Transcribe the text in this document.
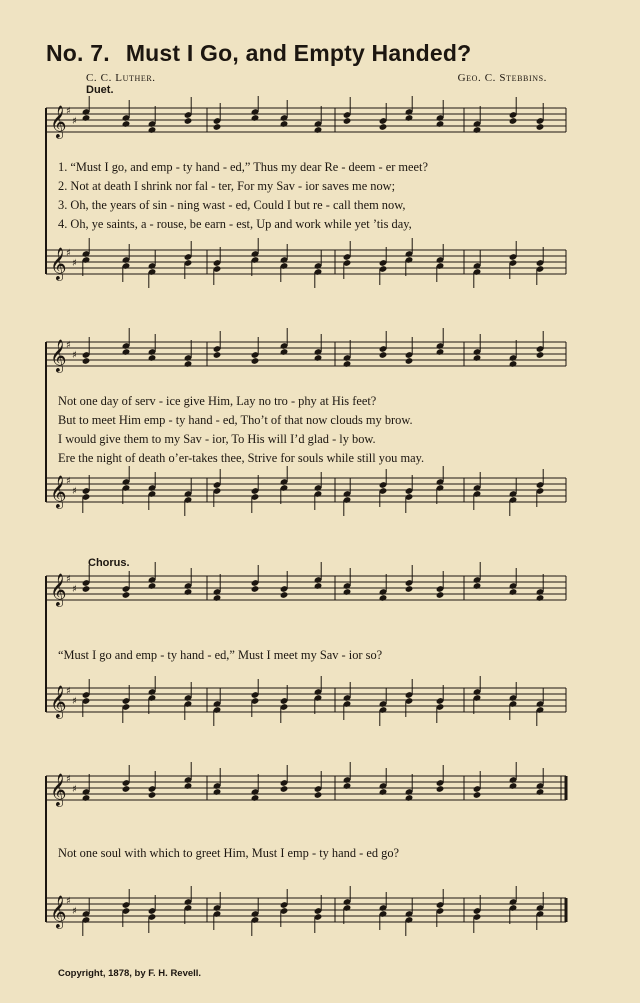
No. 7. Must I Go, and Empty Handed?
C. C. Luther.	Geo. C. Stebbins.
Duet.
𝄞 ♯
♯
𝄞 ♯
♯
1. “Must I go, and emp - ty hand - ed,” Thus my dear Re - deem - er meet?
2. Not at death I shrink nor fal - ter, For my Sav - ior saves me now;
3. Oh, the years of sin - ning wast - ed, Could I but re - call them now,
4. Oh, ye saints, a - rouse, be earn - est, Up and work while yet ’tis day,
𝄞 ♯
♯
𝄞 ♯
♯
Not one day of serv - ice give Him, Lay no tro - phy at His feet?
But to meet Him emp - ty hand - ed, Tho’t of that now clouds my brow.
I would give them to my Sav - ior, To His will I’d glad - ly bow.
Ere the night of death o’er-takes thee, Strive for souls while still you may.
Chorus.
𝄞 ♯
♯
𝄞 ♯
♯
“Must I go and emp - ty hand - ed,” Must I meet my Sav - ior so?
𝄞 ♯
♯
𝄞 ♯
♯
Not one soul with which to greet Him, Must I emp - ty hand - ed go?
Copyright, 1878, by F. H. Revell.
